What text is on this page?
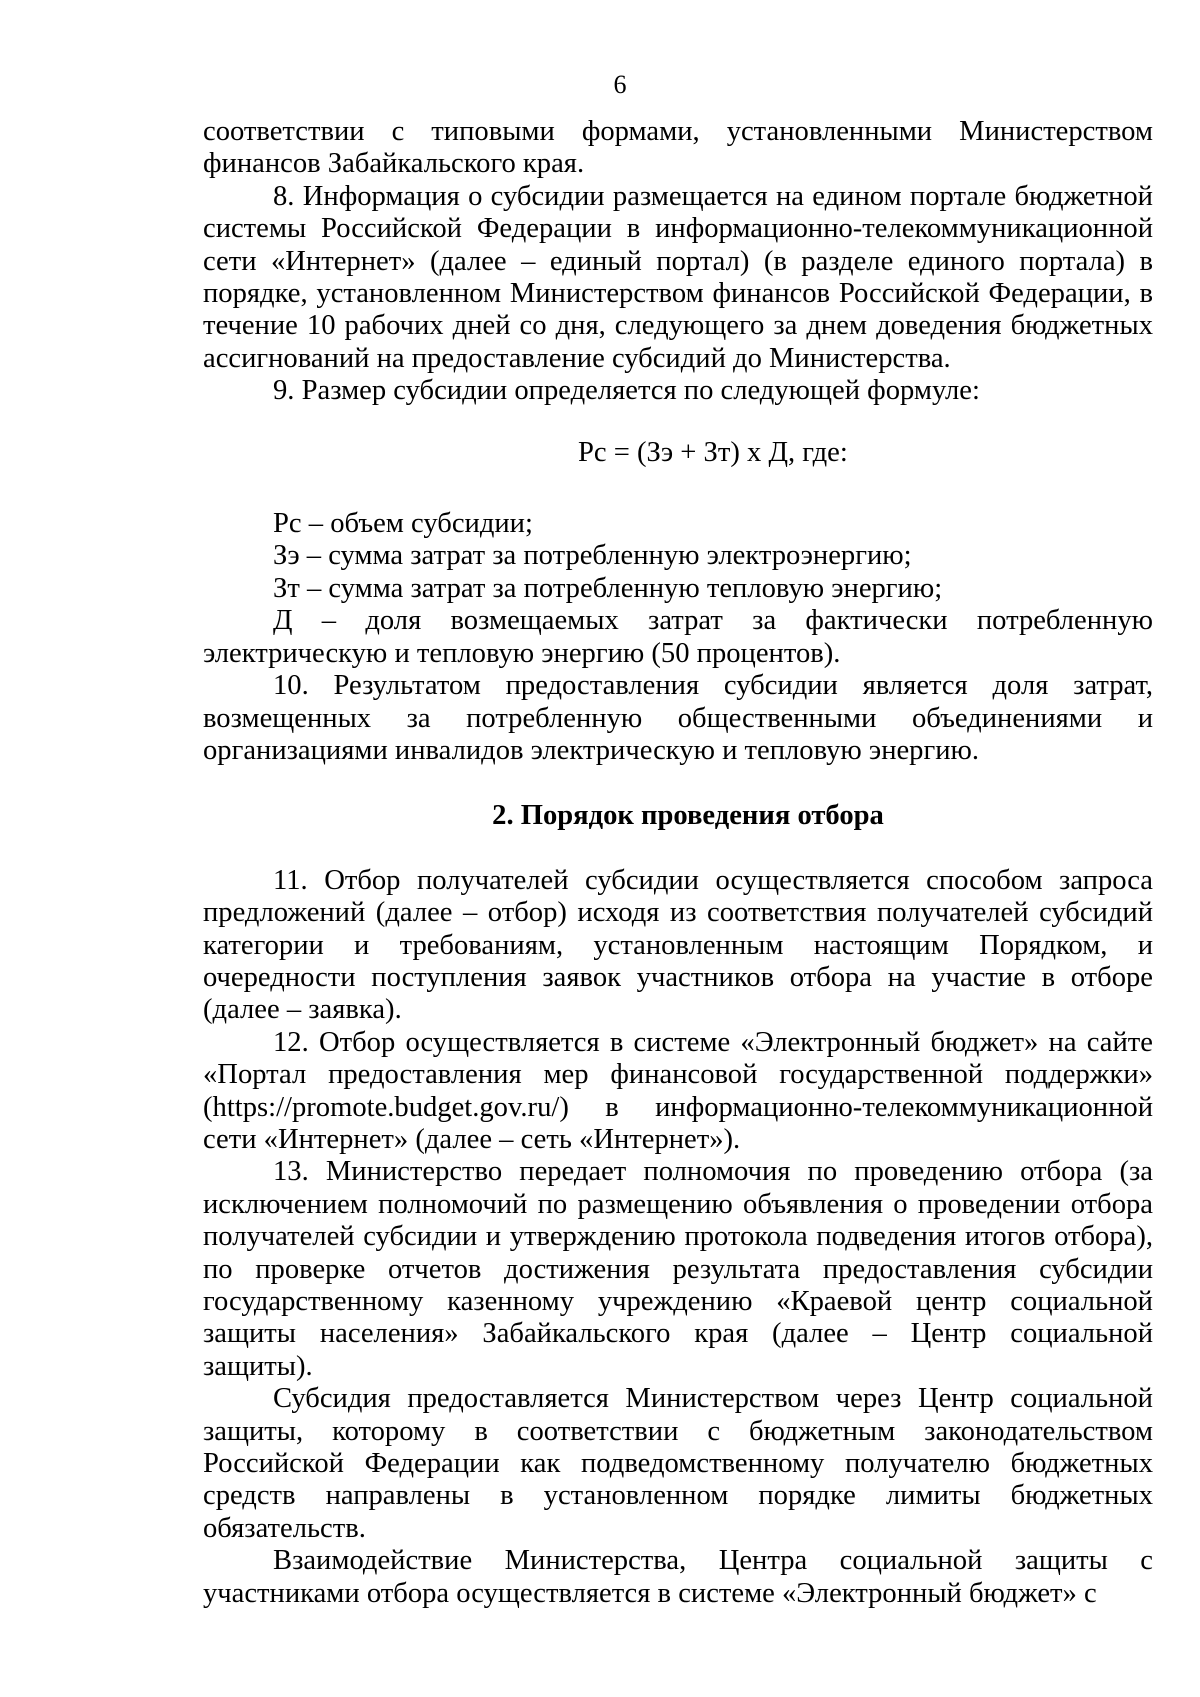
6

соответствии с типовыми формами, установленными Министерством финансов Забайкальского края.

8. Информация о субсидии размещается на едином портале бюджетной системы Российской Федерации в информационно-телекоммуникационной сети «Интернет» (далее – единый портал) (в разделе единого портала) в порядке, установленном Министерством финансов Российской Федерации, в течение 10 рабочих дней со дня, следующего за днем доведения бюджетных ассигнований на предоставление субсидий до Министерства.

9. Размер субсидии определяется по следующей формуле:

Рс = (Зэ + Зт) х Д, где:

Рс – объем субсидии;

Зэ – сумма затрат за потребленную электроэнергию;

Зт – сумма затрат за потребленную тепловую энергию;

Д – доля возмещаемых затрат за фактически потребленную электрическую и тепловую энергию (50 процентов).

10. Результатом предоставления субсидии является доля затрат, возмещенных за потребленную общественными объединениями и организациями инвалидов электрическую и тепловую энергию.

2. Порядок проведения отбора

11. Отбор получателей субсидии осуществляется способом запроса предложений (далее – отбор) исходя из соответствия получателей субсидий категории и требованиям, установленным настоящим Порядком, и очередности поступления заявок участников отбора на участие в отборе (далее – заявка).

12. Отбор осуществляется в системе «Электронный бюджет» на сайте «Портал предоставления мер финансовой государственной поддержки» (https://promote.budget.gov.ru/) в информационно-телекоммуникационной сети «Интернет» (далее – сеть «Интернет»).

13. Министерство передает полномочия по проведению отбора (за исключением полномочий по размещению объявления о проведении отбора получателей субсидии и утверждению протокола подведения итогов отбора), по проверке отчетов достижения результата предоставления субсидии государственному казенному учреждению «Краевой центр социальной защиты населения» Забайкальского края (далее – Центр социальной защиты).

Субсидия предоставляется Министерством через Центр социальной защиты, которому в соответствии с бюджетным законодательством Российской Федерации как подведомственному получателю бюджетных средств направлены в установленном порядке лимиты бюджетных обязательств.

Взаимодействие Министерства, Центра социальной защиты с участниками отбора осуществляется в системе «Электронный бюджет» с
